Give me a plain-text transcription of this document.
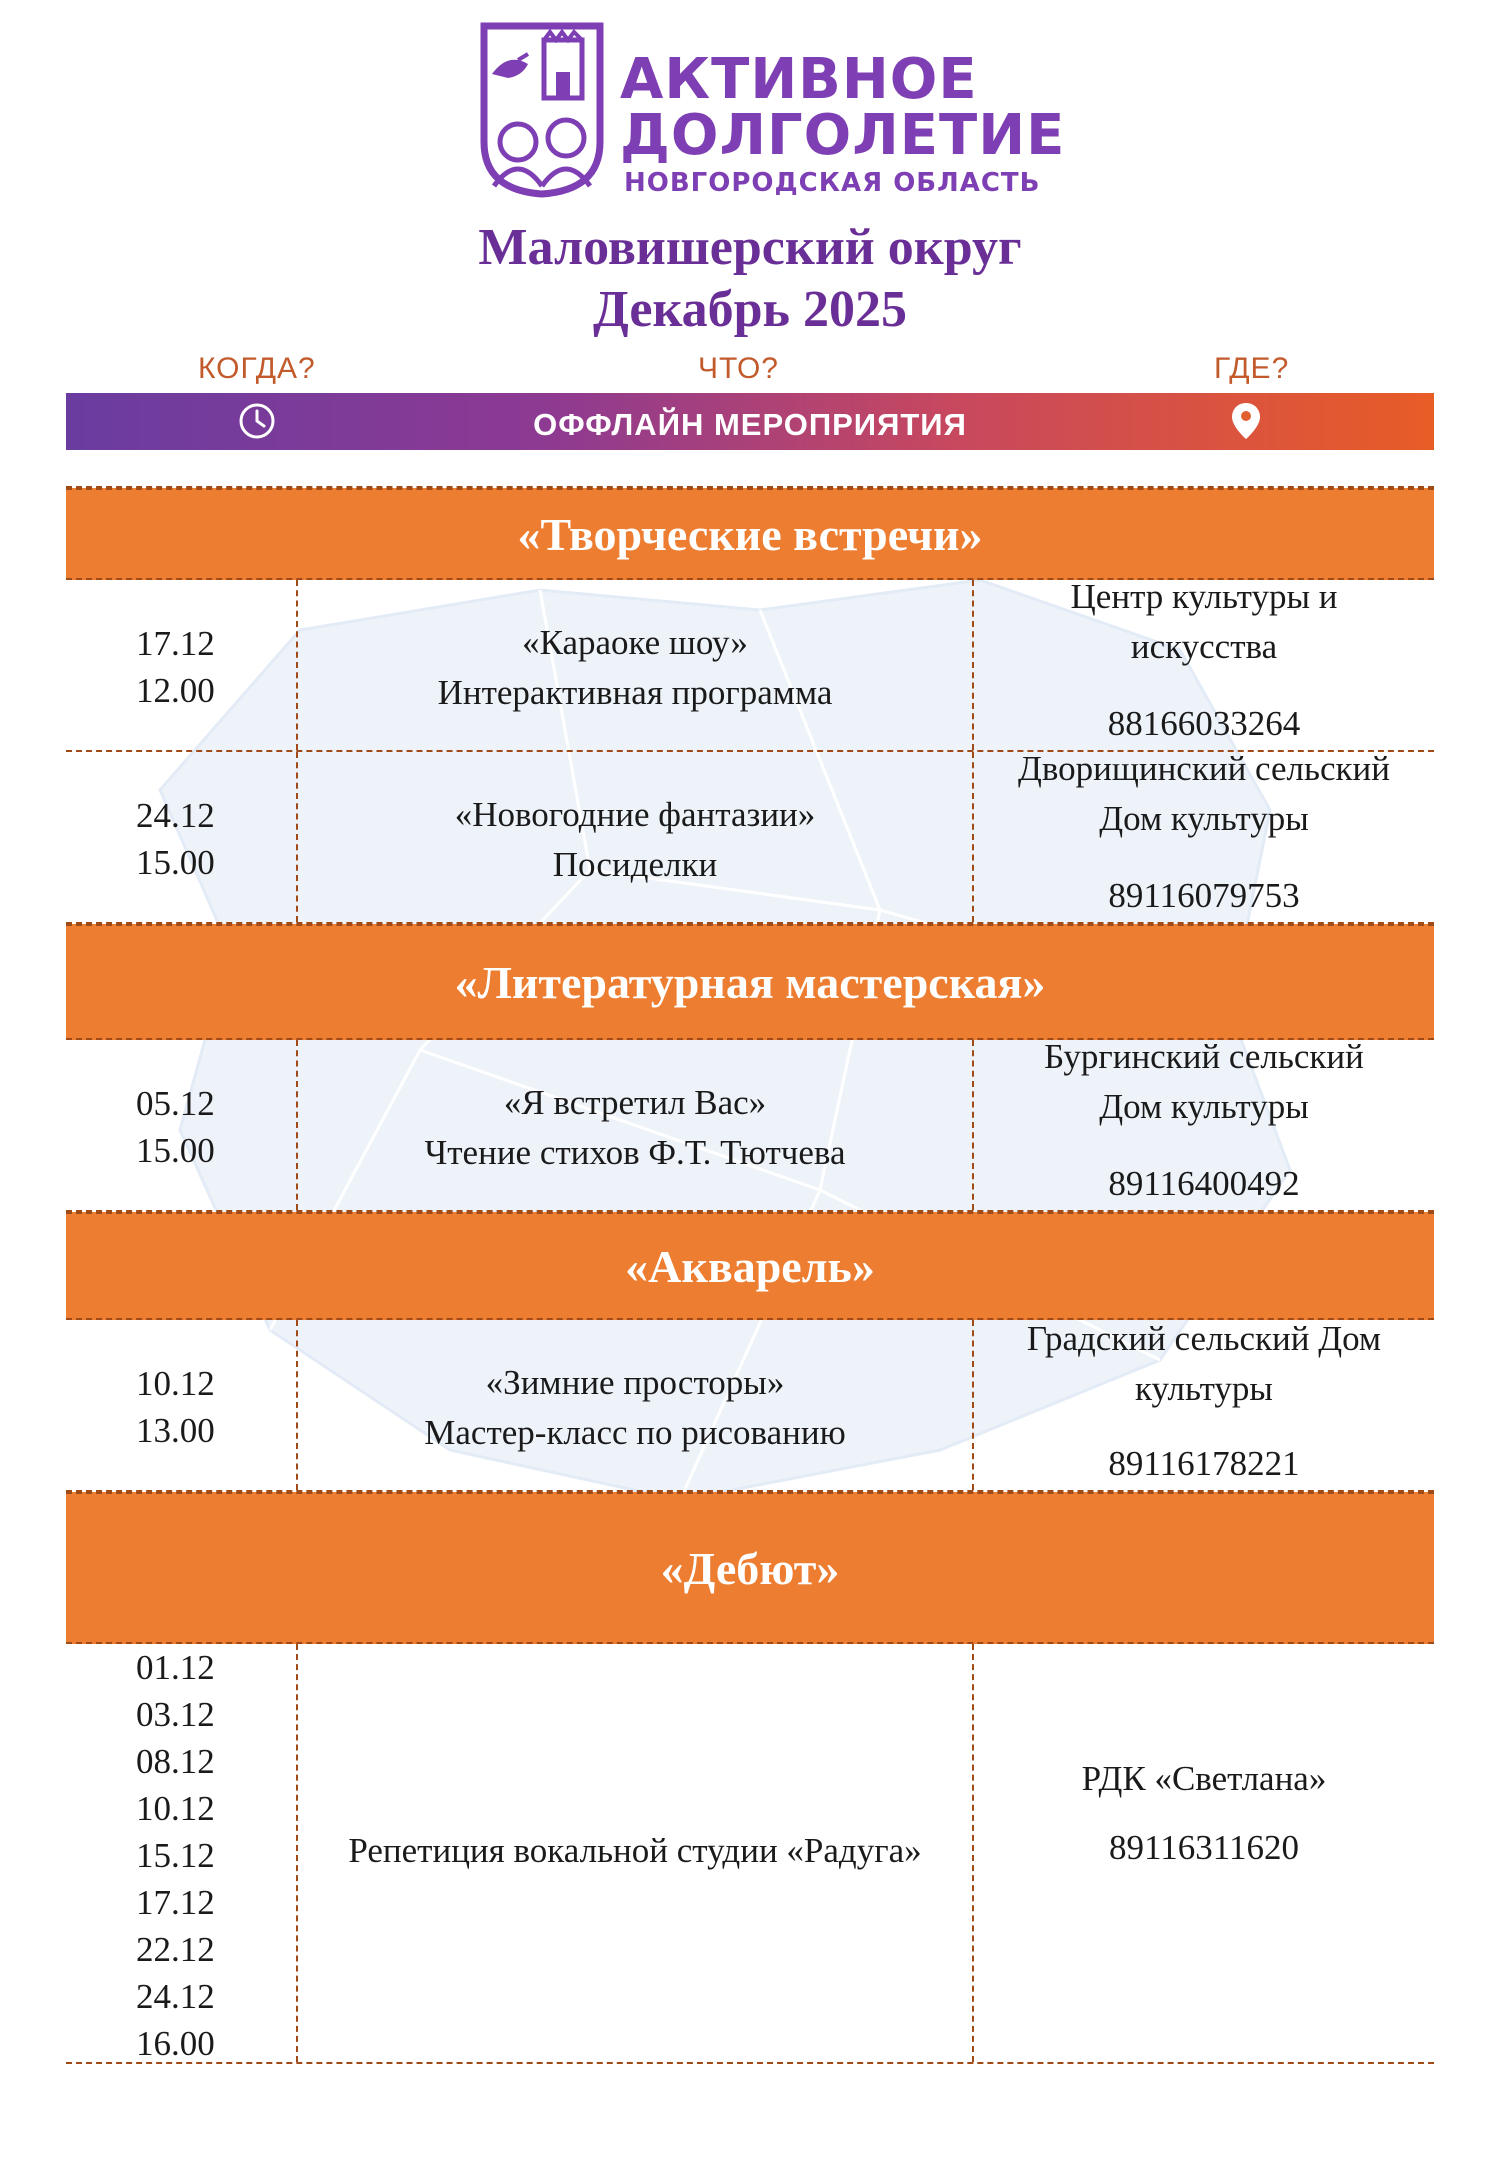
АКТИВНОЕ
ДОЛГОЛЕТИЕ
НОВГОРОДСКАЯ ОБЛАСТЬ
Маловишерский округ
Декабрь 2025
КОГДА?	ЧТО?	ГДЕ?
ОФФЛАЙН МЕРОПРИЯТИЯ
«Творческие встречи»
17.12
12.00
«Караоке шоу»
Интерактивная программа
Центр культуры и
искусства
88166033264
24.12
15.00
«Новогодние фантазии»
Посиделки
Дворищинский сельский
Дом культуры
89116079753
«Литературная мастерская»
05.12
15.00
«Я встретил Вас»
Чтение стихов Ф.Т. Тютчева
Бургинский сельский
Дом культуры
89116400492
«Акварель»
10.12
13.00
«Зимние просторы»
Мастер-класс по рисованию
Градский сельский Дом
культуры
89116178221
«Дебют»
01.12
03.12
08.12
10.12
15.12
17.12
22.12
24.12
16.00
Репетиция вокальной студии «Радуга»
РДК «Светлана»
89116311620
